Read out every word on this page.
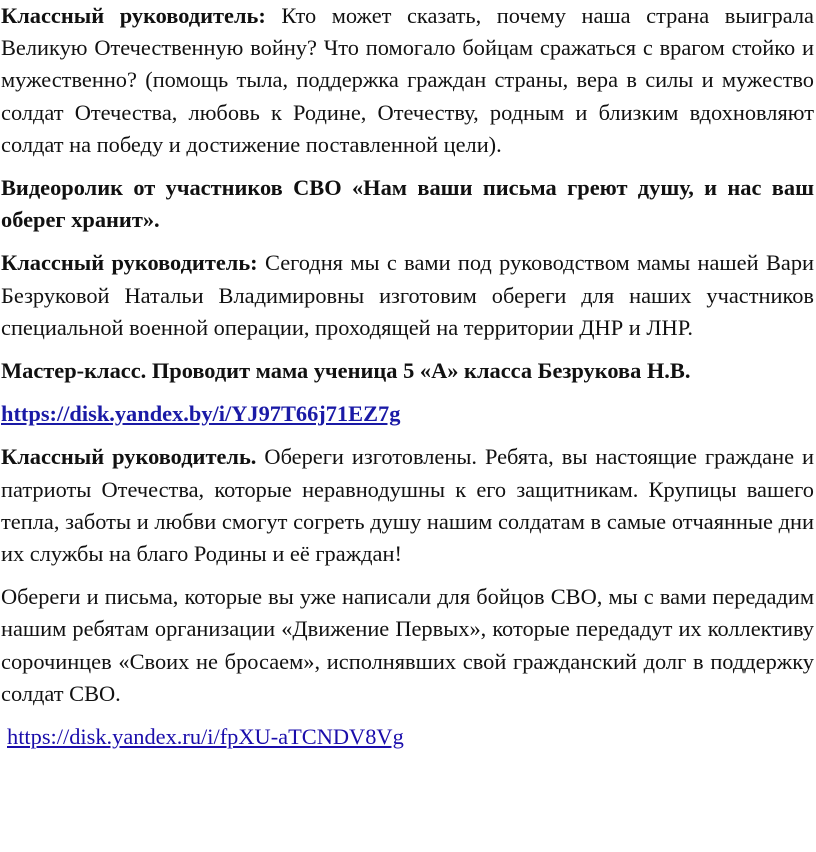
Классный руководитель: Кто может сказать, почему наша страна выиграла Великую Отечественную войну? Что помогало бойцам сражаться с врагом стойко и мужественно? (помощь тыла, поддержка граждан страны, вера в силы и мужество солдат Отечества, любовь к Родине, Отечеству, родным и близким вдохновляют солдат на победу и достижение поставленной цели).

Видеоролик от участников СВО «Нам ваши письма греют душу, и нас ваш оберег хранит».

Классный руководитель: Сегодня мы с вами под руководством мамы нашей Вари Безруковой Натальи Владимировны изготовим обереги для наших участников специальной военной операции, проходящей на территории ДНР и ЛНР.

Мастер-класс. Проводит мама ученица 5 «А» класса Безрукова Н.В.

https://disk.yandex.by/i/YJ97T66j71EZ7g

Классный руководитель. Обереги изготовлены. Ребята, вы настоящие граждане и патриоты Отечества, которые неравнодушны к его защитникам. Крупицы вашего тепла, заботы и любви смогут согреть душу нашим солдатам в самые отчаянные дни их службы на благо Родины и её граждан!

Обереги и письма, которые вы уже написали для бойцов СВО, мы с вами передадим нашим ребятам организации «Движение Первых», которые передадут их коллективу сорочинцев «Своих не бросаем», исполнявших свой гражданский долг в поддержку солдат СВО.

https://disk.yandex.ru/i/fpXU-aTCNDV8Vg
